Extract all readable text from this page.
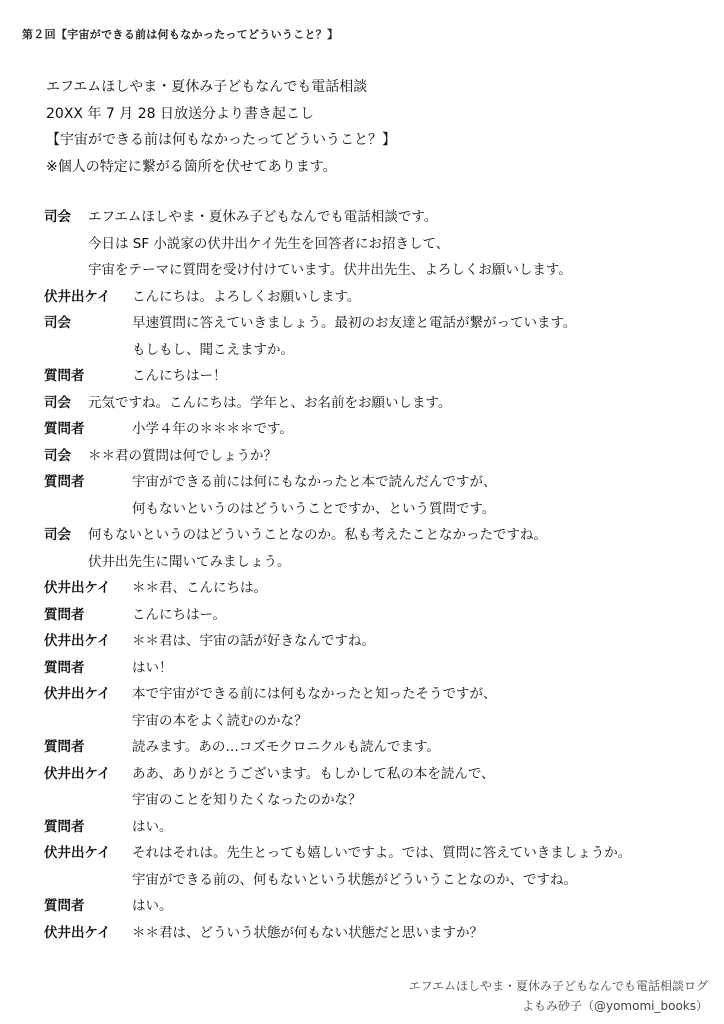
第２回【宇宙ができる前は何もなかったってどういうこと？】
エフエムほしやま・夏休み子どもなんでも電話相談
20XX 年 7 月 28 日放送分より書き起こし
【宇宙ができる前は何もなかったってどういうこと？】
※個人の特定に繋がる箇所を伏せてあります。
司会 エフエムほしやま・夏休み子どもなんでも電話相談です。
今日は SF 小説家の伏井出ケイ先生を回答者にお招きして、
宇宙をテーマに質問を受け付けています。伏井出先生、よろしくお願いします。
伏井出ケイ こんにちは。よろしくお願いします。
司会	早速質問に答えていきましょう。最初のお友達と電話が繋がっています。
もしもし、聞こえますか。
質問者	こんにちはー！
司会 元気ですね。こんにちは。学年と、お名前をお願いします。
質問者	小学４年の＊＊＊＊です。
司会 ＊＊君の質問は何でしょうか？
質問者	宇宙ができる前には何にもなかったと本で読んだんですが、
何もないというのはどういうことですか、という質問です。
司会 何もないというのはどういうことなのか。私も考えたことなかったですね。
伏井出先生に聞いてみましょう。
伏井出ケイ ＊＊君、こんにちは。
質問者	こんにちはー。
伏井出ケイ ＊＊君は、宇宙の話が好きなんですね。
質問者	はい！
伏井出ケイ 本で宇宙ができる前には何もなかったと知ったそうですが、
宇宙の本をよく読むのかな？
質問者	読みます。あの…コズモクロニクルも読んでます。
伏井出ケイ ああ、ありがとうございます。もしかして私の本を読んで、
宇宙のことを知りたくなったのかな？
質問者	はい。
伏井出ケイ それはそれは。先生とっても嬉しいですよ。では、質問に答えていきましょうか。
宇宙ができる前の、何もないという状態がどういうことなのか、ですね。
質問者	はい。
伏井出ケイ ＊＊君は、どういう状態が何もない状態だと思いますか？
エフエムほしやま・夏休み子どもなんでも電話相談ログ
よもみ砂子（@yomomi_books）
